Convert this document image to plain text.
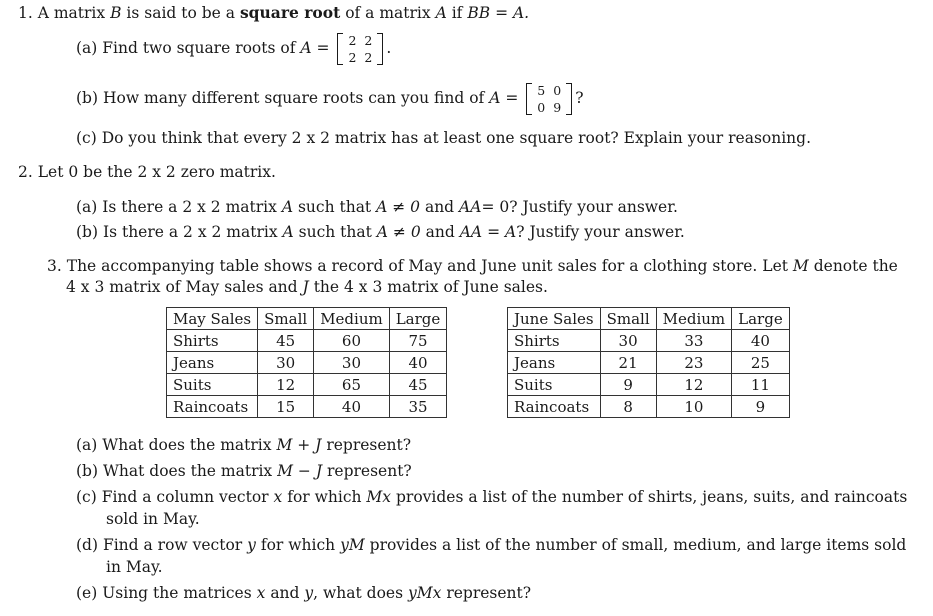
1. A matrix B is said to be a square root of a matrix A if BB = A.
(a) Find two square roots of A = 2	2
2	2
.
(b) How many different square roots can you find of A = 5	0
0	9
?
(c) Do you think that every 2 x 2 matrix has at least one square root? Explain your reasoning.
2. Let 0 be the 2 x 2 zero matrix.
(a) Is there a 2 x 2 matrix A such that A ≠ 0 and AA= 0? Justify your answer.
(b) Is there a 2 x 2 matrix A such that A ≠ 0 and AA = A? Justify your answer.
3. The accompanying table shows a record of May and June unit sales for a clothing store. Let M denote the
4 x 3 matrix of May sales and J the 4 x 3 matrix of June sales.
May Sales	Small	Medium	Large
Shirts	45	60	75
Jeans	30	30	40
Suits	12	65	45
Raincoats	15	40	35
June Sales	Small	Medium	Large
Shirts	30	33	40
Jeans	21	23	25
Suits	9	12	11
Raincoats	8	10	9
(a) What does the matrix M + J represent?
(b) What does the matrix M − J represent?
(c) Find a column vector x for which Mx provides a list of the number of shirts, jeans, suits, and raincoats
sold in May.
(d) Find a row vector y for which yM provides a list of the number of small, medium, and large items sold
in May.
(e) Using the matrices x and y, what does yMx represent?
